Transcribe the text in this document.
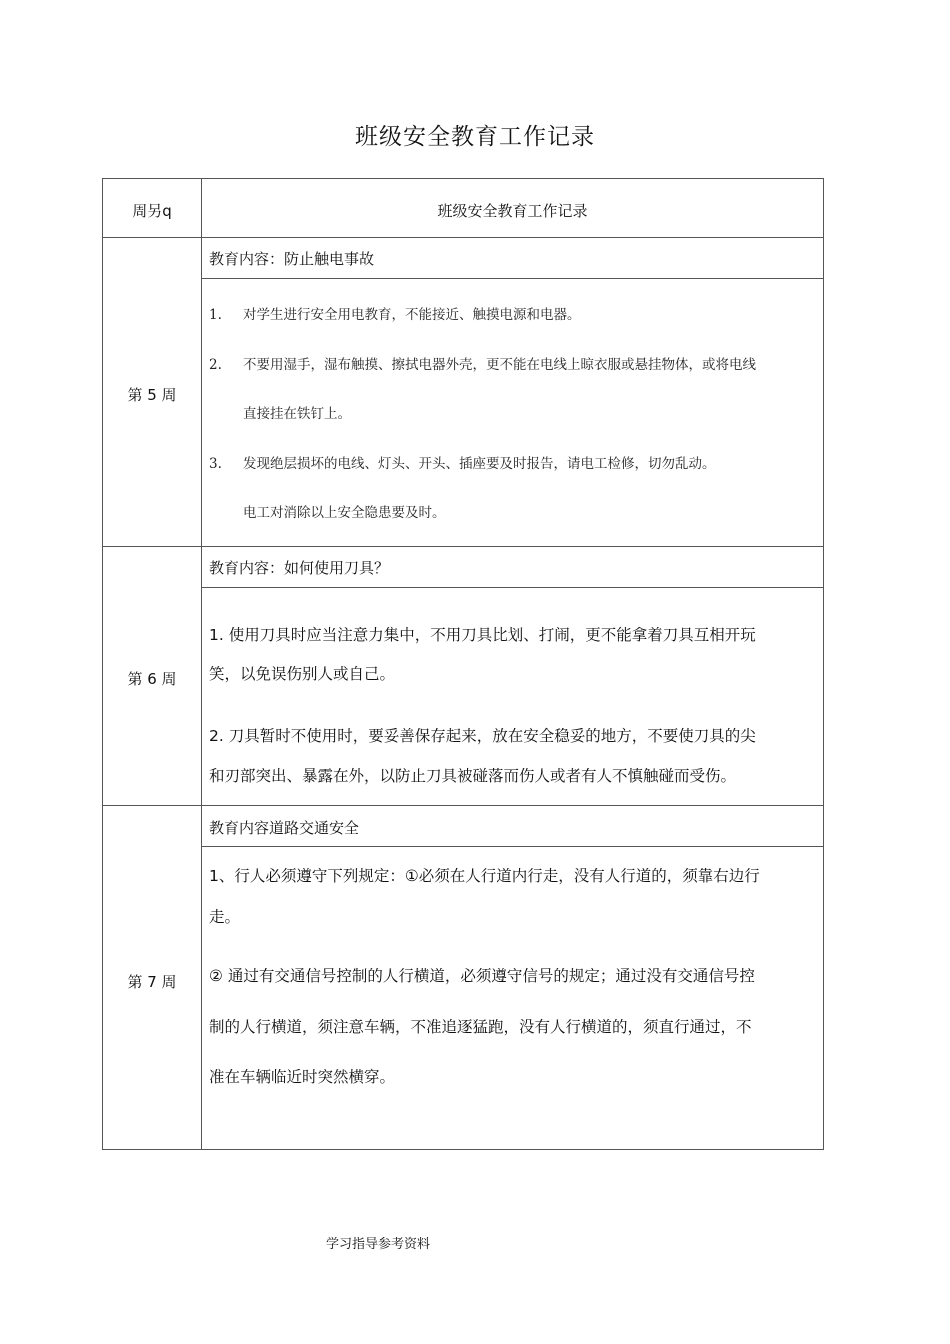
班级安全教育工作记录
周另q	班级安全教育工作记录
第 5 周
教育内容：防止触电事故
1. 对学生进行安全用电教育，不能接近、触摸电源和电器。
2. 不要用湿手，湿布触摸、擦拭电器外壳，更不能在电线上晾衣服或悬挂物体，或将电线
直接挂在铁钉上。
3. 发现绝层损坏的电线、灯头、开头、插座要及时报告，请电工检修，切勿乱动。
电工对消除以上安全隐患要及时。
第 6 周
教育内容：如何使用刀具？
1. 使用刀具时应当注意力集中，不用刀具比划、打闹，更不能拿着刀具互相开玩
笑，以免误伤别人或自己。
2. 刀具暂时不使用时，要妥善保存起来，放在安全稳妥的地方，不要使刀具的尖
和刃部突出、暴露在外，以防止刀具被碰落而伤人或者有人不慎触碰而受伤。
第 7 周
教育内容道路交通安全
1、行人必须遵守下列规定：①必须在人行道内行走，没有人行道的，须靠右边行
走。
② 通过有交通信号控制的人行横道，必须遵守信号的规定；通过没有交通信号控
制的人行横道，须注意车辆，不准追逐猛跑，没有人行横道的，须直行通过，不
准在车辆临近时突然横穿。
学习指导参考资料
